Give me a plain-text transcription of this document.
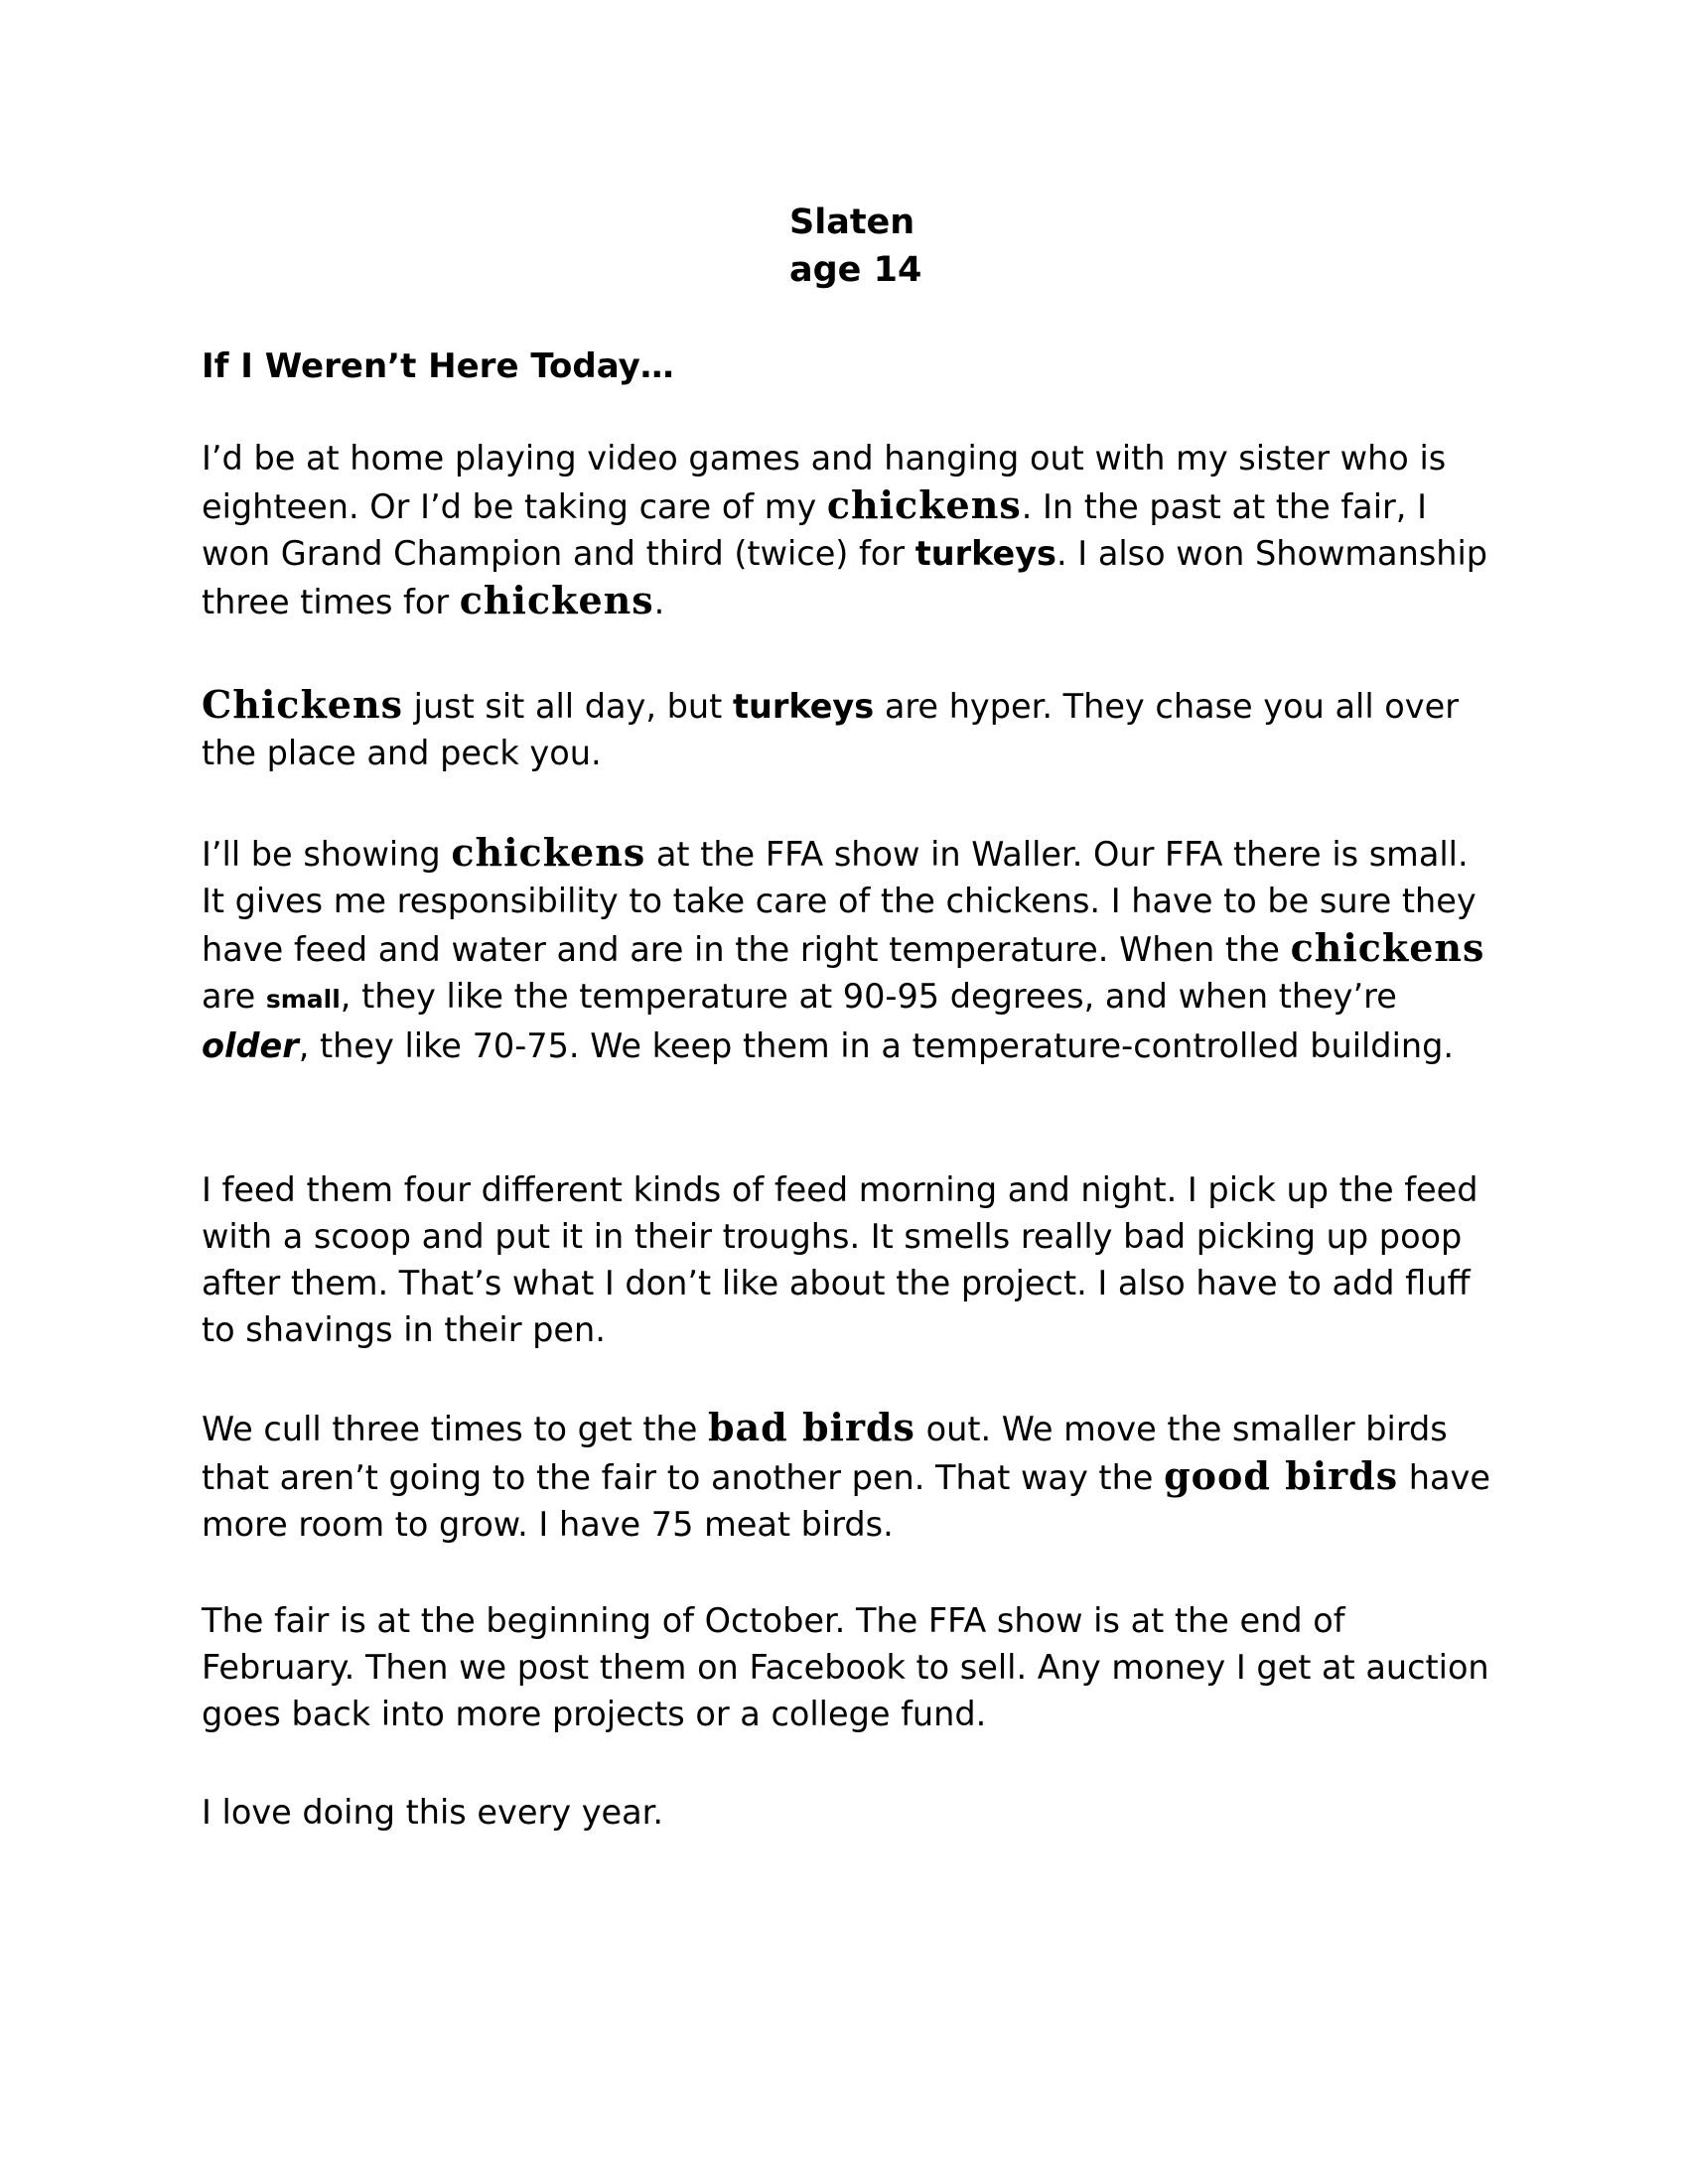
Slaten
age 14
If I Weren’t Here Today…

I’d be at home playing video games and hanging out with my sister who is eighteen. Or I’d be taking care of my chickens. In the past at the fair, I won Grand Champion and third (twice) for turkeys. I also won Showmanship three times for chickens.

Chickens just sit all day, but turkeys are hyper. They chase you all over the place and peck you.

I’ll be showing chickens at the FFA show in Waller. Our FFA there is small. It gives me responsibility to take care of the chickens. I have to be sure they have feed and water and are in the right temperature. When the chickens are small, they like the temperature at 90-95 degrees, and when they’re older, they like 70-75. We keep them in a temperature-controlled building.

I feed them four different kinds of feed morning and night. I pick up the feed with a scoop and put it in their troughs. It smells really bad picking up poop after them. That’s what I don’t like about the project. I also have to add fluff to shavings in their pen.

We cull three times to get the bad birds out. We move the smaller birds that aren’t going to the fair to another pen. That way the good birds have more room to grow. I have 75 meat birds.

The fair is at the beginning of October. The FFA show is at the end of February. Then we post them on Facebook to sell. Any money I get at auction goes back into more projects or a college fund.

I love doing this every year.
